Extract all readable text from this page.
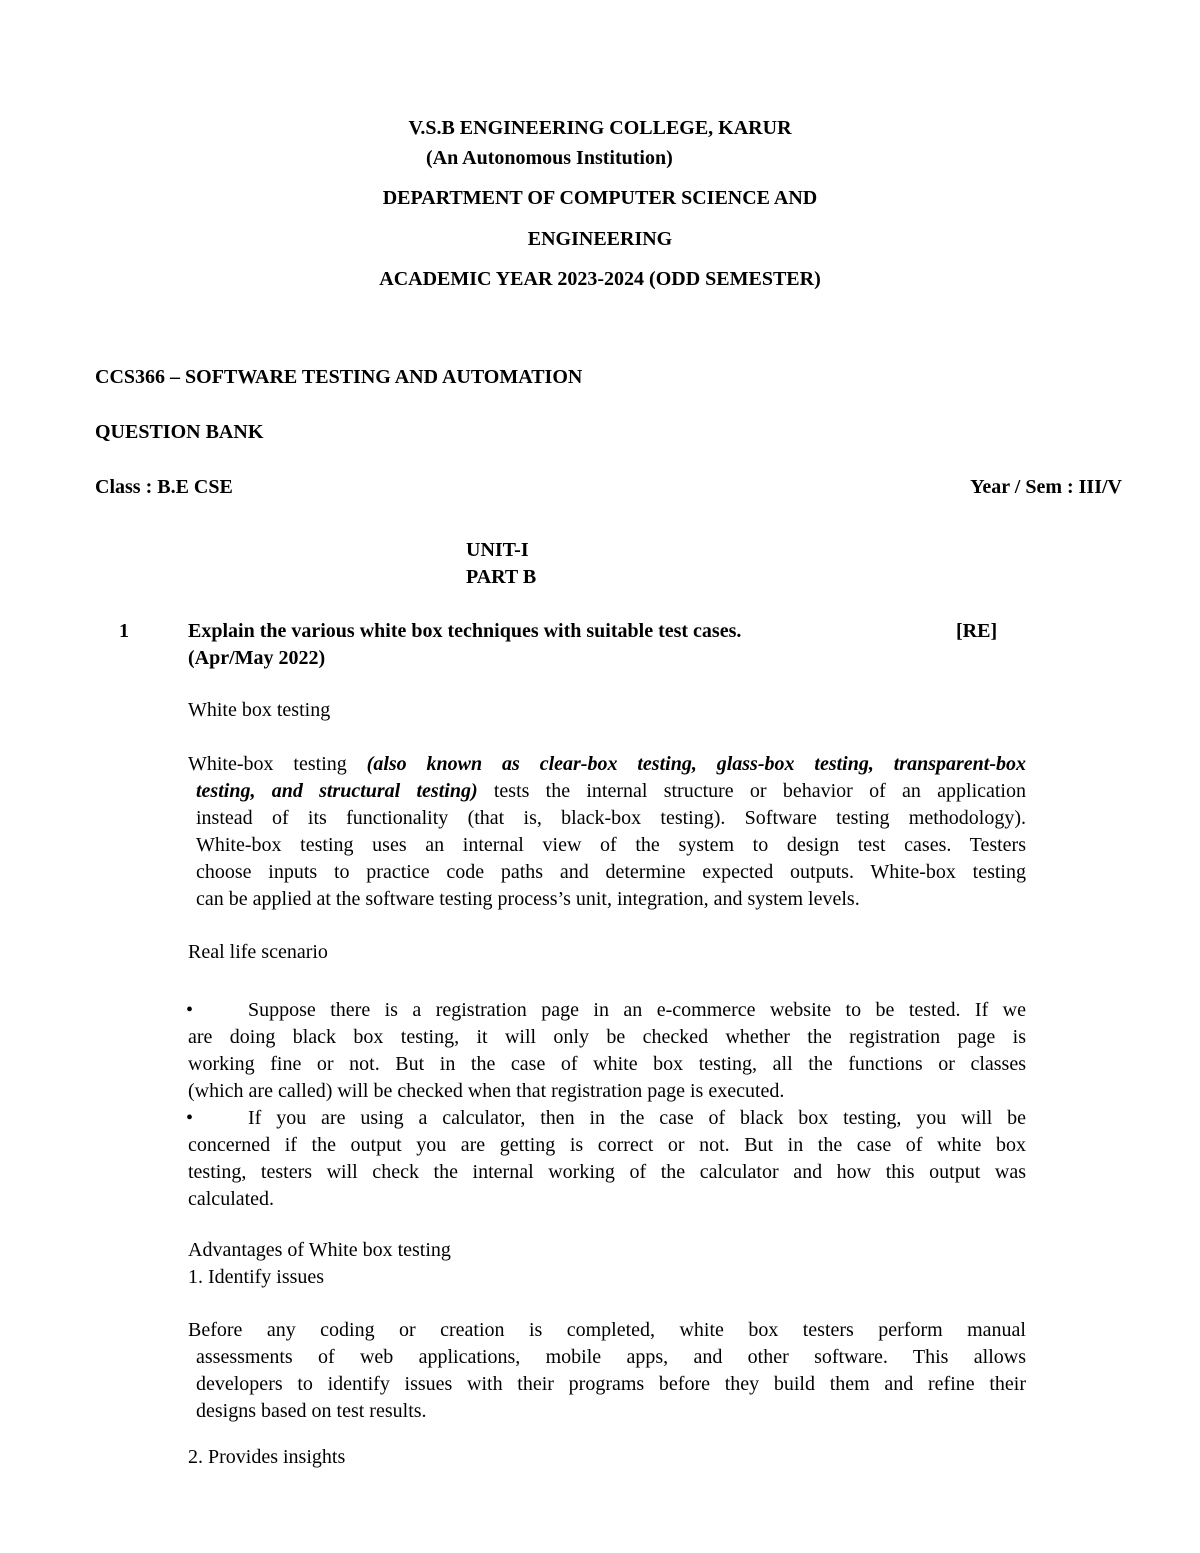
V.S.B ENGINEERING COLLEGE, KARUR
(An Autonomous Institution)
DEPARTMENT OF COMPUTER SCIENCE AND
ENGINEERING
ACADEMIC YEAR 2023-2024 (ODD SEMESTER)
CCS366 – SOFTWARE TESTING AND AUTOMATION
QUESTION BANK
Class : B.E CSE	Year / Sem : III/V
UNIT-I
PART B
1	Explain the various white box techniques with suitable test cases.	[RE]
(Apr/May 2022)
White box testing
White-box testing (also known as clear-box testing, glass-box testing, transparent-box
testing, and structural testing) tests the internal structure or behavior of an application
instead of its functionality (that is, black-box testing). Software testing methodology).
White-box testing uses an internal view of the system to design test cases. Testers
choose inputs to practice code paths and determine expected outputs. White-box testing
can be applied at the software testing process’s unit, integration, and system levels.
Real life scenario
•	Suppose there is a registration page in an e-commerce website to be tested. If we
are doing black box testing, it will only be checked whether the registration page is
working fine or not. But in the case of white box testing, all the functions or classes
(which are called) will be checked when that registration page is executed.
•	If you are using a calculator, then in the case of black box testing, you will be
concerned if the output you are getting is correct or not. But in the case of white box
testing, testers will check the internal working of the calculator and how this output was
calculated.
Advantages of White box testing
1. Identify issues
Before any coding or creation is completed, white box testers perform manual
assessments of web applications, mobile apps, and other software. This allows
developers to identify issues with their programs before they build them and refine their
designs based on test results.
2. Provides insights
